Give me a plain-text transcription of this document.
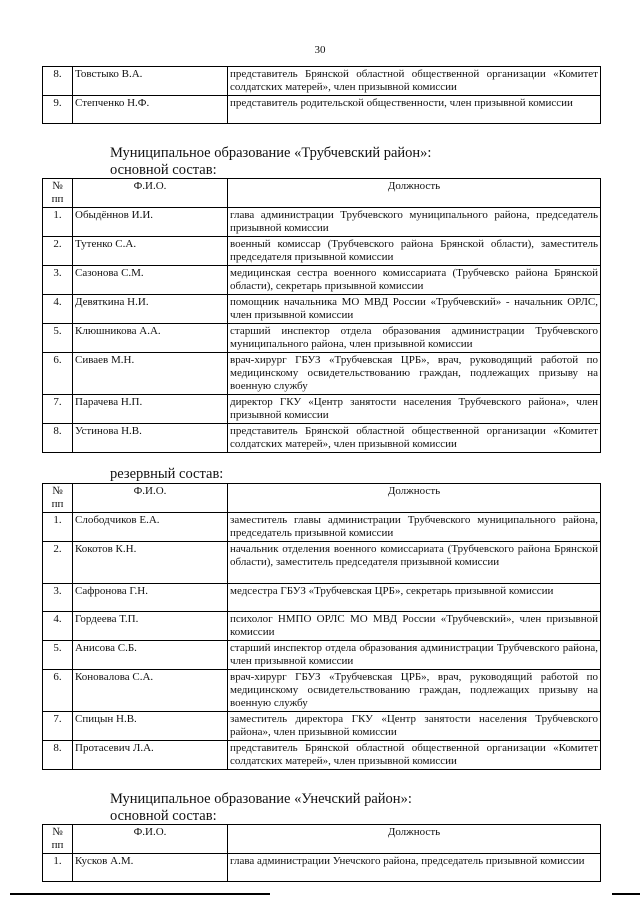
30
8.	Товстыко В.А.	представитель Брянской областной общественной организации «Комитет солдатских матерей», член призывной комиссии
9.	Степченко Н.Ф.	представитель родительской общественности, член призывной комиссии
Муниципальное образование «Трубчевский район»:
основной состав:
№ пп	Ф.И.О.	Должность
1.	Обыдённов И.И.	глава администрации Трубчевского муниципального района, председатель призывной комиссии
2.	Тутенко С.А.	военный комиссар (Трубчевского района Брянской области), заместитель председателя призывной комиссии
3.	Сазонова С.М.	медицинская сестра военного комиссариата (Трубчевско района Брянской области), секретарь призывной комиссии
4.	Девяткина Н.И.	помощник начальника МО МВД России «Трубчевский» - начальник ОРЛС, член призывной комиссии
5.	Клюшникова А.А.	старший инспектор отдела образования администрации Трубчевского муниципального района, член призывной комиссии
6.	Сиваев М.Н.	врач-хирург ГБУЗ «Трубчевская ЦРБ», врач, руководящий работой по медицинскому освидетельствованию граждан, подлежащих призыву на военную службу
7.	Парачева Н.П.	директор ГКУ «Центр занятости населения Трубчевского района», член призывной комиссии
8.	Устинова Н.В.	представитель Брянской областной общественной организации «Комитет солдатских матерей», член призывной комиссии
резервный состав:
№ пп	Ф.И.О.	Должность
1.	Слободчиков Е.А.	заместитель главы администрации Трубчевского муниципального района, председатель призывной комиссии
2.	Кокотов К.Н.	начальник отделения военного комиссариата (Трубчевского района Брянской области), заместитель председателя призывной комиссии
3.	Сафронова Г.Н.	медсестра ГБУЗ «Трубчевская ЦРБ», секретарь призывной комиссии
4.	Гордеева Т.П.	психолог НМПО ОРЛС МО МВД России «Трубчевский», член призывной комиссии
5.	Анисова С.Б.	старший инспектор отдела образования администрации Трубчевского района, член призывной комиссии
6.	Коновалова С.А.	врач-хирург ГБУЗ «Трубчевская ЦРБ», врач, руководящий работой по медицинскому освидетельствованию граждан, подлежащих призыву на военную службу
7.	Спицын Н.В.	заместитель директора ГКУ «Центр занятости населения Трубчевского района», член призывной комиссии
8.	Протасевич Л.А.	представитель Брянской областной общественной организации «Комитет солдатских матерей», член призывной комиссии
Муниципальное образование «Унечский район»:
основной состав:
№ пп	Ф.И.О.	Должность
1.	Кусков А.М.	глава администрации Унечского района, председатель призывной комиссии
